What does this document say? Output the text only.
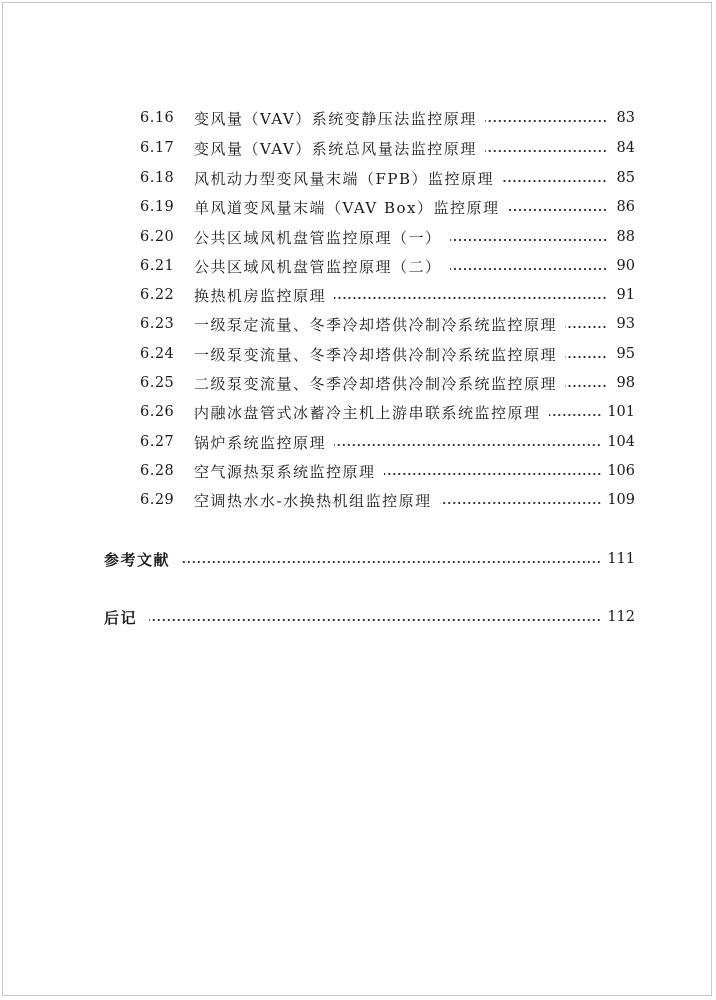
6.16	变风量（VAV）系统变静压法监控原理	83
6.17	变风量（VAV）系统总风量法监控原理	84
6.18	风机动力型变风量末端（FPB）监控原理	85
6.19	单风道变风量末端（VAV Box）监控原理	86
6.20	公共区域风机盘管监控原理（一）	88
6.21	公共区域风机盘管监控原理（二）	90
6.22	换热机房监控原理	91
6.23	一级泵定流量、冬季冷却塔供冷制冷系统监控原理	93
6.24	一级泵变流量、冬季冷却塔供冷制冷系统监控原理	95
6.25	二级泵变流量、冬季冷却塔供冷制冷系统监控原理	98
6.26	内融冰盘管式冰蓄冷主机上游串联系统监控原理	101
6.27	锅炉系统监控原理	104
6.28	空气源热泵系统监控原理	106
6.29	空调热水水-水换热机组监控原理	109
参考文献	111
后记	112
